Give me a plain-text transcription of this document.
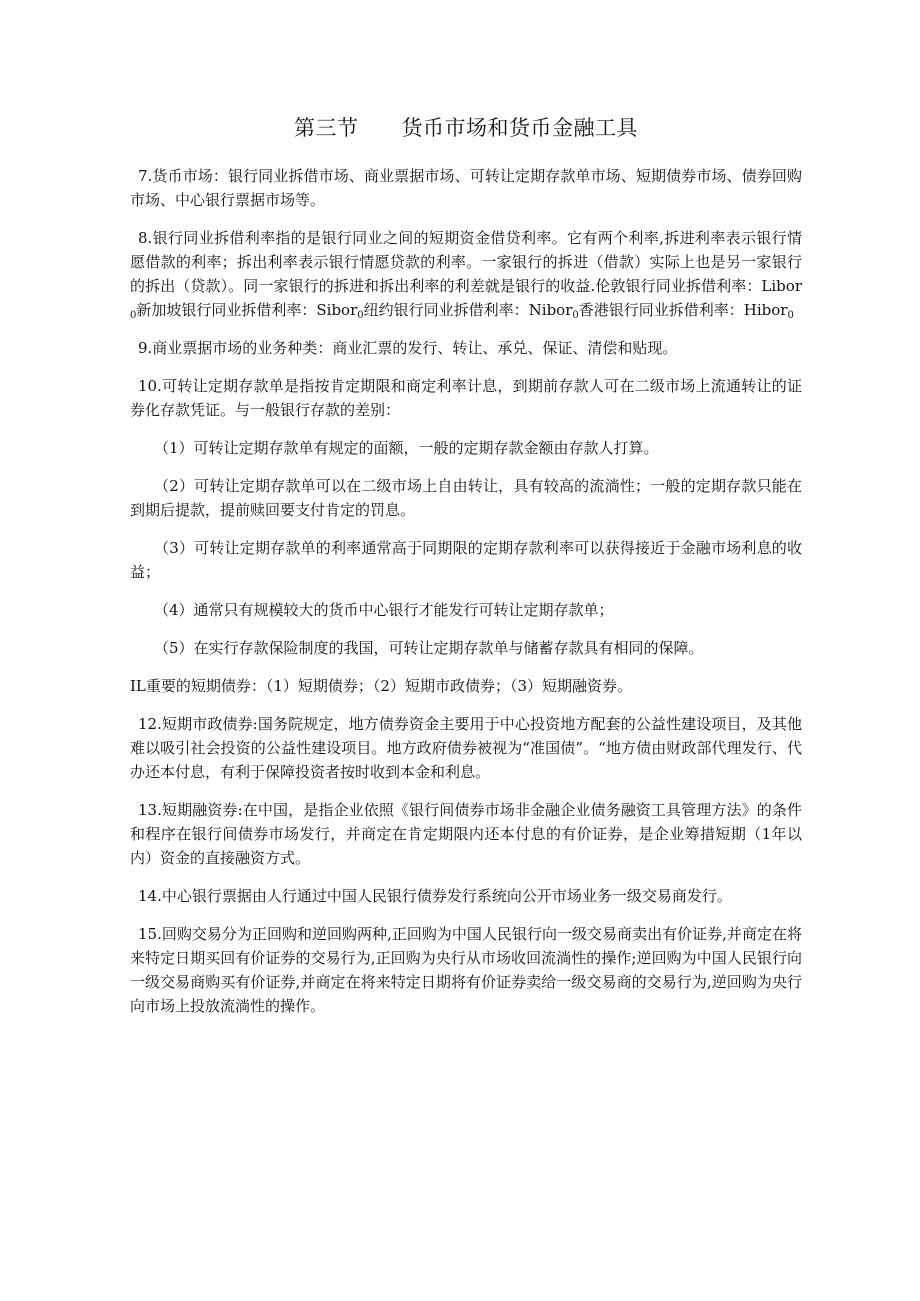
第三节　　货币市场和货币金融工具

7.货币市场：银行同业拆借市场、商业票据市场、可转让定期存款单市场、短期债券市场、债券回购市场、中心银行票据市场等。

8.银行同业拆借利率指的是银行同业之间的短期资金借贷利率。它有两个利率,拆进利率表示银行情愿借款的利率；拆出利率表示银行情愿贷款的利率。一家银行的拆进（借款）实际上也是另一家银行的拆出（贷款）。同一家银行的拆进和拆出利率的利差就是银行的收益.伦敦银行同业拆借利率：Libor$_0$新加坡银行同业拆借利率：Sibor$_0$纽约银行同业拆借利率：Nibor$_0$香港银行同业拆借利率：Hibor$_0$

9.商业票据市场的业务种类：商业汇票的发行、转让、承兑、保证、清偿和贴现。

10.可转让定期存款单是指按肯定期限和商定利率计息，到期前存款人可在二级市场上流通转让的证券化存款凭证。与一般银行存款的差别：

（1）可转让定期存款单有规定的面额，一般的定期存款金额由存款人打算。

（2）可转让定期存款单可以在二级市场上自由转让，具有较高的流淌性；一般的定期存款只能在到期后提款，提前赎回要支付肯定的罚息。

（3）可转让定期存款单的利率通常高于同期限的定期存款利率可以获得接近于金融市场利息的收益；

（4）通常只有规模较大的货币中心银行才能发行可转让定期存款单；

（5）在实行存款保险制度的我国，可转让定期存款单与储蓄存款具有相同的保障。

IL重要的短期债券：（1）短期债券；（2）短期市政债券；（3）短期融资券。

12.短期市政债券:国务院规定，地方债券资金主要用于中心投资地方配套的公益性建设项目，及其他难以吸引社会投资的公益性建设项目。地方政府债券被视为“准国债”。“地方债由财政部代理发行、代办还本付息，有利于保障投资者按时收到本金和利息。

13.短期融资券:在中国，是指企业依照《银行间债券市场非金融企业债务融资工具管理方法》的条件和程序在银行间债券市场发行，并商定在肯定期限内还本付息的有价证券，是企业筹措短期（1年以内）资金的直接融资方式。

14.中心银行票据由人行通过中国人民银行债券发行系统向公开市场业务一级交易商发行。

15.回购交易分为正回购和逆回购两种,正回购为中国人民银行向一级交易商卖出有价证券,并商定在将来特定日期买回有价证券的交易行为,正回购为央行从市场收回流淌性的操作;逆回购为中国人民银行向一级交易商购买有价证券,并商定在将来特定日期将有价证券卖给一级交易商的交易行为,逆回购为央行向市场上投放流淌性的操作。
